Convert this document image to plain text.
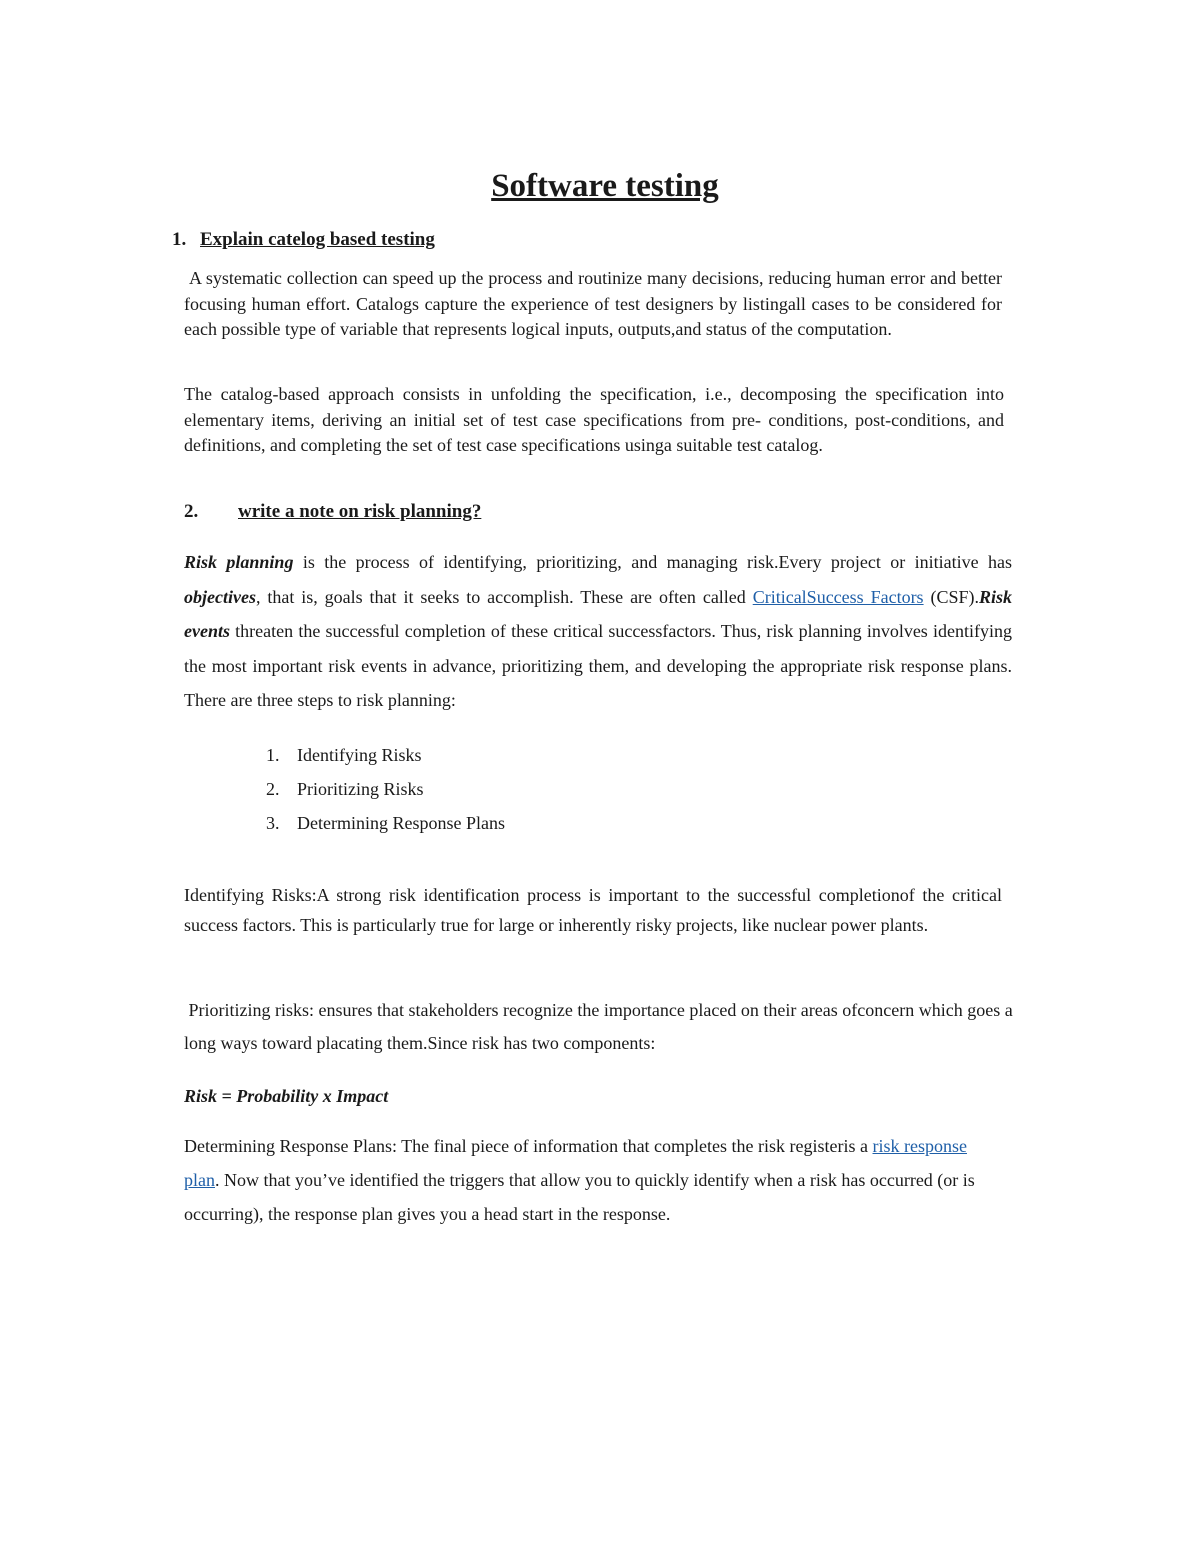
Software testing
1. Explain catelog based testing

A systematic collection can speed up the process and routinize many decisions, reducing human error and better focusing human effort. Catalogs capture the experience of test designers by listingall cases to be considered for each possible type of variable that represents logical inputs, outputs,and status of the computation.

The catalog-based approach consists in unfolding the specification, i.e., decomposing the specification into elementary items, deriving an initial set of test case specifications from pre- conditions, post-conditions, and definitions, and completing the set of test case specifications usinga suitable test catalog.

2. write a note on risk planning?

Risk planning is the process of identifying, prioritizing, and managing risk.Every project or initiative has objectives, that is, goals that it seeks to accomplish. These are often called CriticalSuccess Factors (CSF).Risk events threaten the successful completion of these critical successfactors. Thus, risk planning involves identifying the most important risk events in advance, prioritizing them, and developing the appropriate risk response plans. There are three steps to risk planning:

1. Identifying Risks
2. Prioritizing Risks
3. Determining Response Plans

Identifying Risks:A strong risk identification process is important to the successful completionof the critical success factors. This is particularly true for large or inherently risky projects, like nuclear power plants.

Prioritizing risks: ensures that stakeholders recognize the importance placed on their areas ofconcern which goes a long ways toward placating them.Since risk has two components:

Risk = Probability x Impact

Determining Response Plans: The final piece of information that completes the risk registeris a risk response plan. Now that you’ve identified the triggers that allow you to quickly identify when a risk has occurred (or is occurring), the response plan gives you a head start in the response.
